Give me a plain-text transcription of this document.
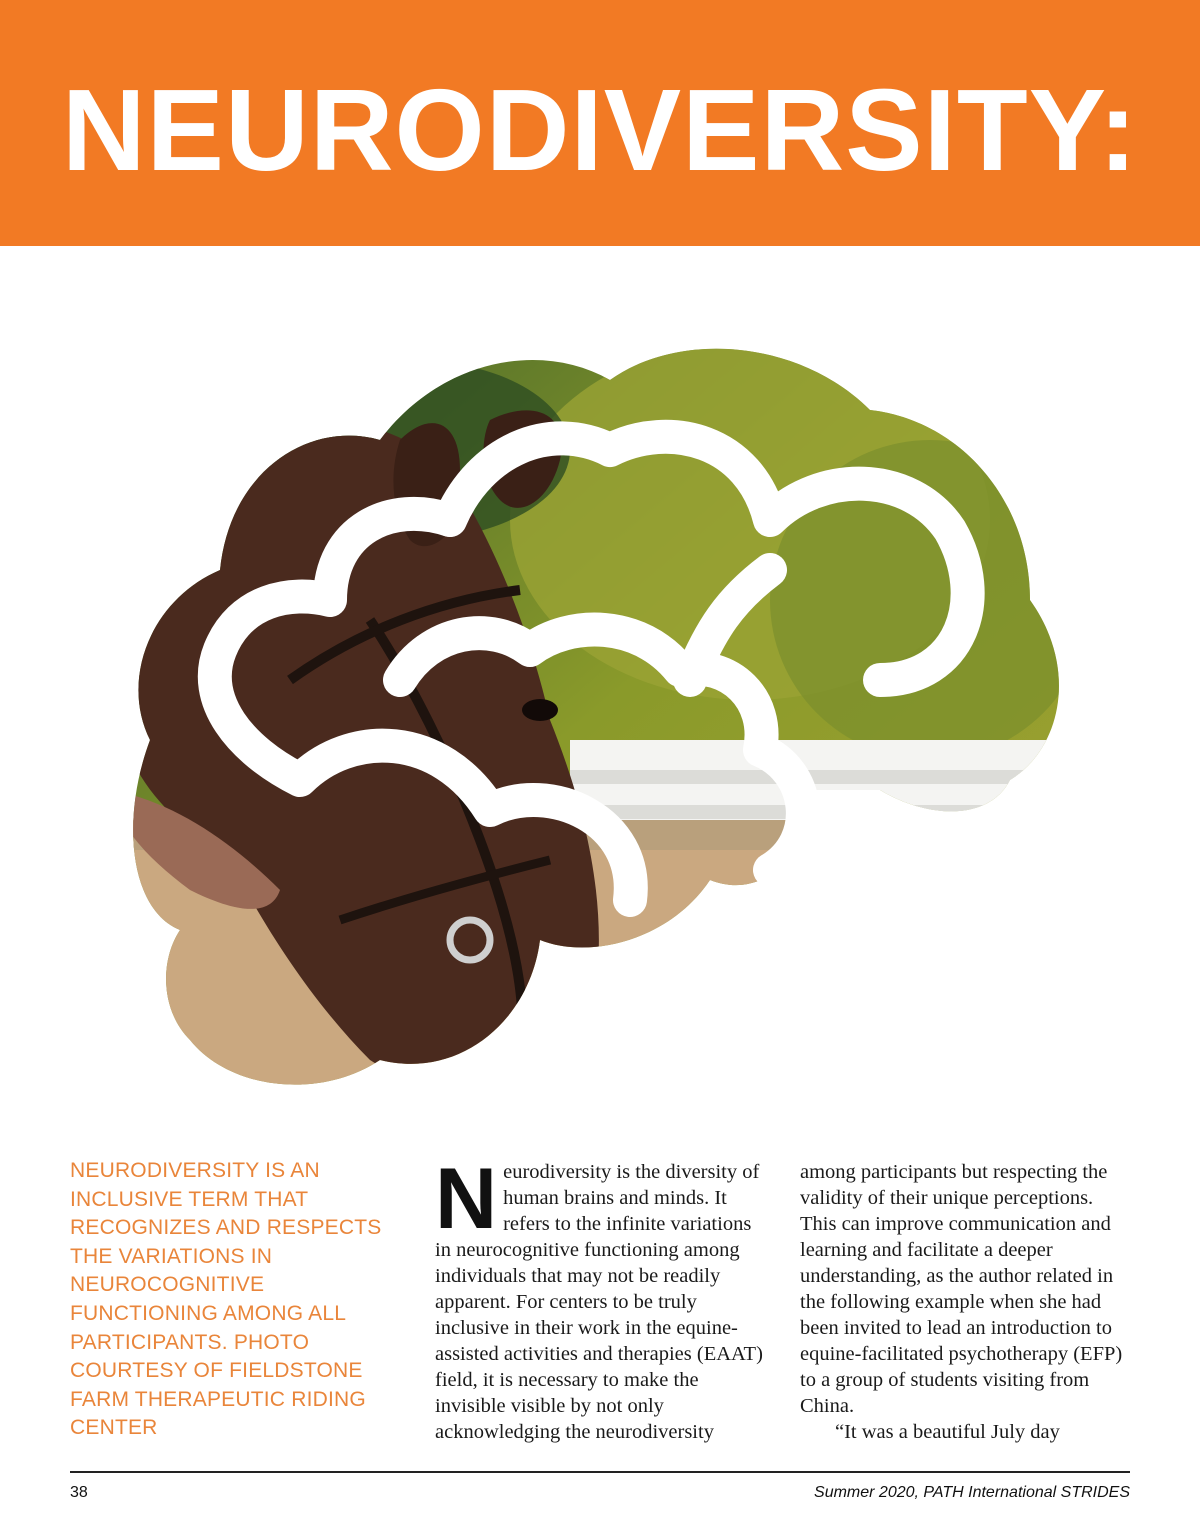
NEURODIVERSITY:
NEURODIVERSITY IS AN INCLUSIVE TERM THAT RECOGNIZES AND RESPECTS THE VARIATIONS IN NEUROCOGNITIVE FUNCTIONING AMONG ALL PARTICIPANTS. PHOTO COURTESY OF FIELDSTONE FARM THERAPEUTIC RIDING CENTER
Neurodiversity is the diversity of human brains and minds. It refers to the infinite variations in neurocognitive functioning among individuals that may not be readily apparent. For centers to be truly inclusive in their work in the equine-assisted activities and therapies (EAAT) field, it is necessary to make the invisible visible by not only acknowledging the neurodiversity
among participants but respecting the validity of their unique perceptions. This can improve communication and learning and facilitate a deeper understanding, as the author related in the following example when she had been invited to lead an introduction to equine-facilitated psychotherapy (EFP) to a group of students visiting from China.
“It was a beautiful July day
38	Summer 2020, PATH International STRIDES
